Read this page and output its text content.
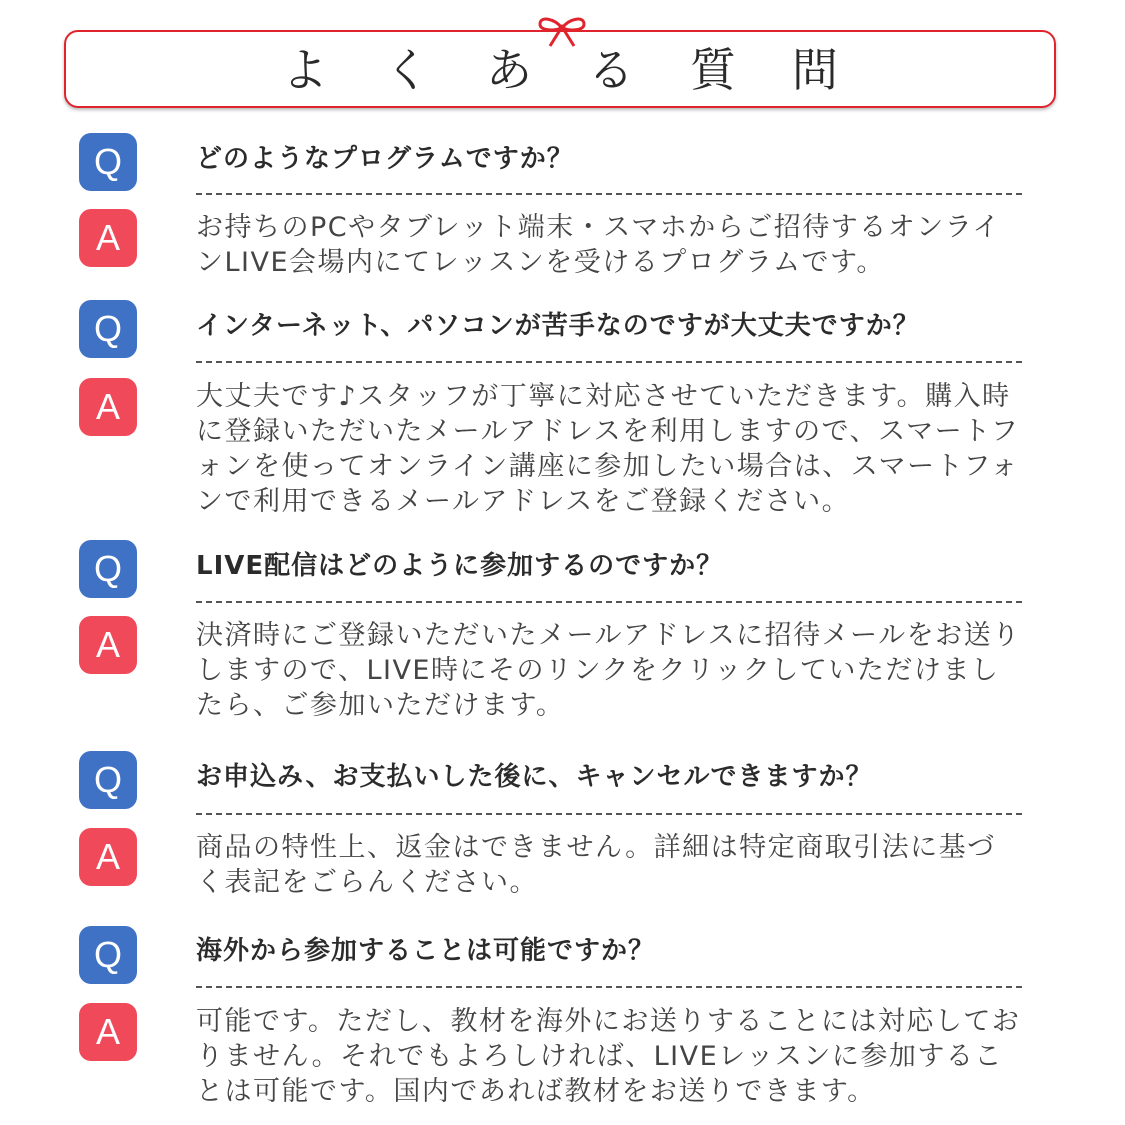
よくある質問
Q	どのようなプログラムですか？
A	お持ちのPCやタブレット端末・スマホからご招待するオンラインLIVE会場内にてレッスンを受けるプログラムです。
Q	インターネット、パソコンが苦手なのですが大丈夫ですか？
A	大丈夫です♪スタッフが丁寧に対応させていただきます。購入時に登録いただいたメールアドレスを利用しますので、スマートフォンを使ってオンライン講座に参加したい場合は、スマートフォンで利用できるメールアドレスをご登録ください。
Q	LIVE配信はどのように参加するのですか？
A	決済時にご登録いただいたメールアドレスに招待メールをお送りしますので、LIVE時にそのリンクをクリックしていただけましたら、ご参加いただけます。
Q	お申込み、お支払いした後に、キャンセルできますか？
A	商品の特性上、返金はできません。詳細は特定商取引法に基づく表記をごらんください。
Q	海外から参加することは可能ですか？
A	可能です。ただし、教材を海外にお送りすることには対応しておりません。それでもよろしければ、LIVEレッスンに参加することは可能です。国内であれば教材をお送りできます。
